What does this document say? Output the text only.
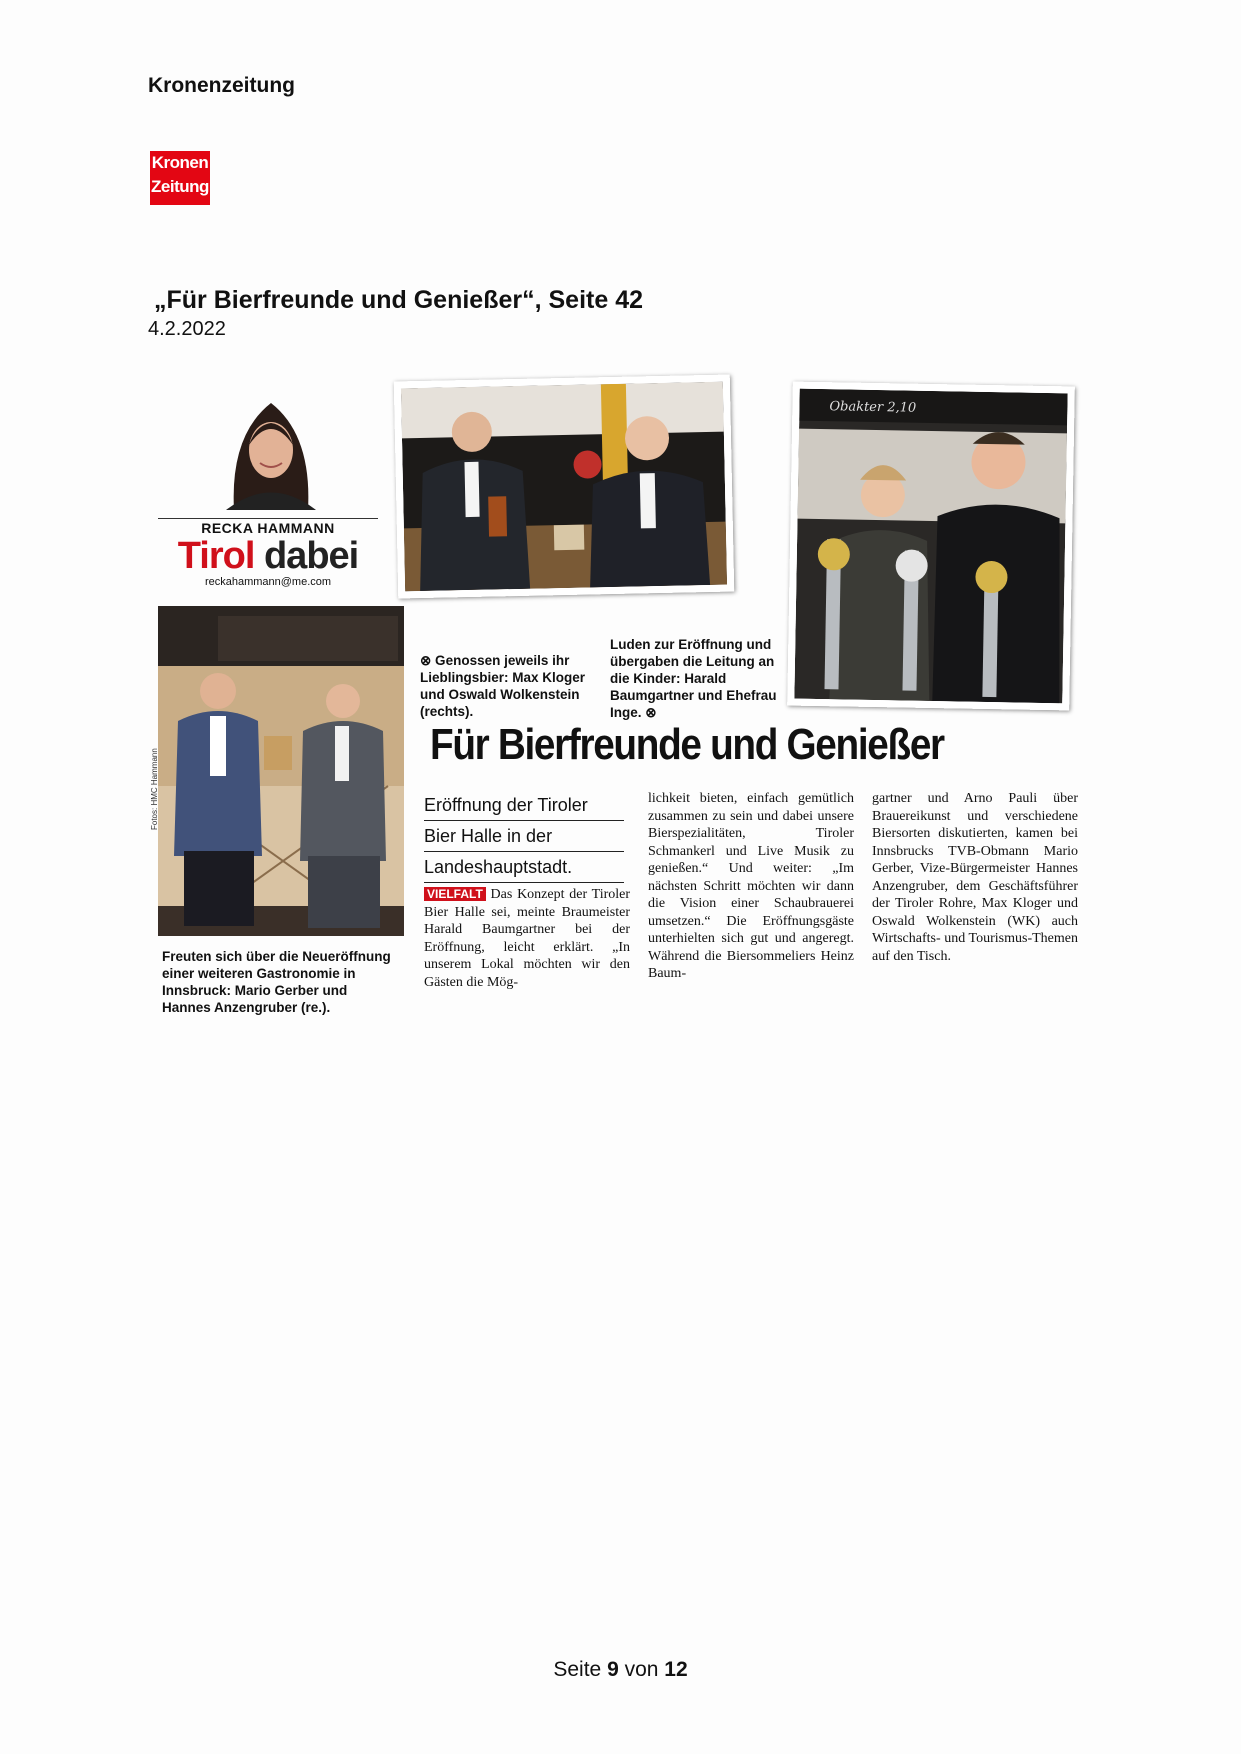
Kronenzeitung
Kronen
Zeitung
„Für Bierfreunde und Genießer“, Seite 42
4.2.2022
RECKA HAMMANN
Tirol dabei
reckahammann@me.com
Fotos: HMC Hammann
Freuten sich über die Neueröffnung einer weiteren Gastronomie in Innsbruck: Mario Gerber und Hannes Anzengruber (re.).
Obakter 2,10
⊗ Genossen jeweils ihr Lieblingsbier: Max Kloger und Oswald Wolkenstein (rechts).
Luden zur Eröffnung und übergaben die Leitung an die Kinder: Harald Baumgartner und Ehefrau Inge. ⊗
Für Bierfreunde und Genießer
Eröffnung der Tiroler
Bier Halle in der
Landeshauptstadt.
VIELFALT Das Konzept der Tiroler Bier Halle sei, meinte Braumeister Harald Baumgartner bei der Eröffnung, leicht erklärt. „In unserem Lokal möchten wir den Gästen die Mög-
lichkeit bieten, einfach gemütlich zusammen zu sein und dabei unsere Bierspezialitäten, Tiroler Schmankerl und Live Musik zu genießen.“ Und weiter: „Im nächsten Schritt möchten wir dann die Vision einer Schaubrauerei umsetzen.“ Die Eröffnungsgäste unterhielten sich gut und angeregt. Während die Biersommeliers Heinz Baum-
gartner und Arno Pauli über Brauereikunst und verschiedene Biersorten diskutierten, kamen bei Innsbrucks TVB-Obmann Mario Gerber, Vize-Bürgermeister Hannes Anzengruber, dem Geschäftsführer der Tiroler Rohre, Max Kloger und Oswald Wolkenstein (WK) auch Wirtschafts- und Tourismus-Themen auf den Tisch.
Seite 9 von 12
